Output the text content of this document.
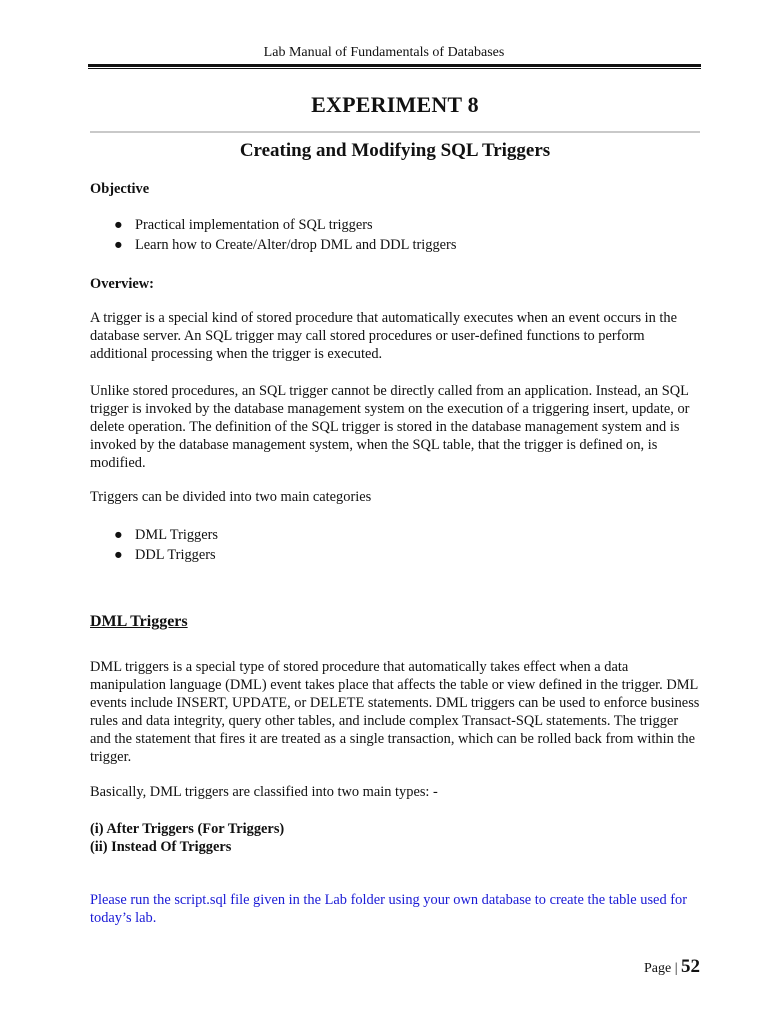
Lab Manual of Fundamentals of Databases
EXPERIMENT 8
Creating and Modifying SQL Triggers
Objective
● Practical implementation of SQL triggers
● Learn how to Create/Alter/drop DML and DDL triggers
Overview:
A trigger is a special kind of stored procedure that automatically executes when an event occurs in the database server. An SQL trigger may call stored procedures or user-defined functions to perform additional processing when the trigger is executed.
Unlike stored procedures, an SQL trigger cannot be directly called from an application. Instead, an SQL trigger is invoked by the database management system on the execution of a triggering insert, update, or delete operation. The definition of the SQL trigger is stored in the database management system and is invoked by the database management system, when the SQL table, that the trigger is defined on, is modified.
Triggers can be divided into two main categories
● DML Triggers
● DDL Triggers
DML Triggers
DML triggers is a special type of stored procedure that automatically takes effect when a data manipulation language (DML) event takes place that affects the table or view defined in the trigger. DML events include INSERT, UPDATE, or DELETE statements. DML triggers can be used to enforce business rules and data integrity, query other tables, and include complex Transact-SQL statements. The trigger and the statement that fires it are treated as a single transaction, which can be rolled back from within the trigger.
Basically, DML triggers are classified into two main types: -
(i) After Triggers (For Triggers)
(ii) Instead Of Triggers
Please run the script.sql file given in the Lab folder using your own database to create the table used for today’s lab.
Page | 52
